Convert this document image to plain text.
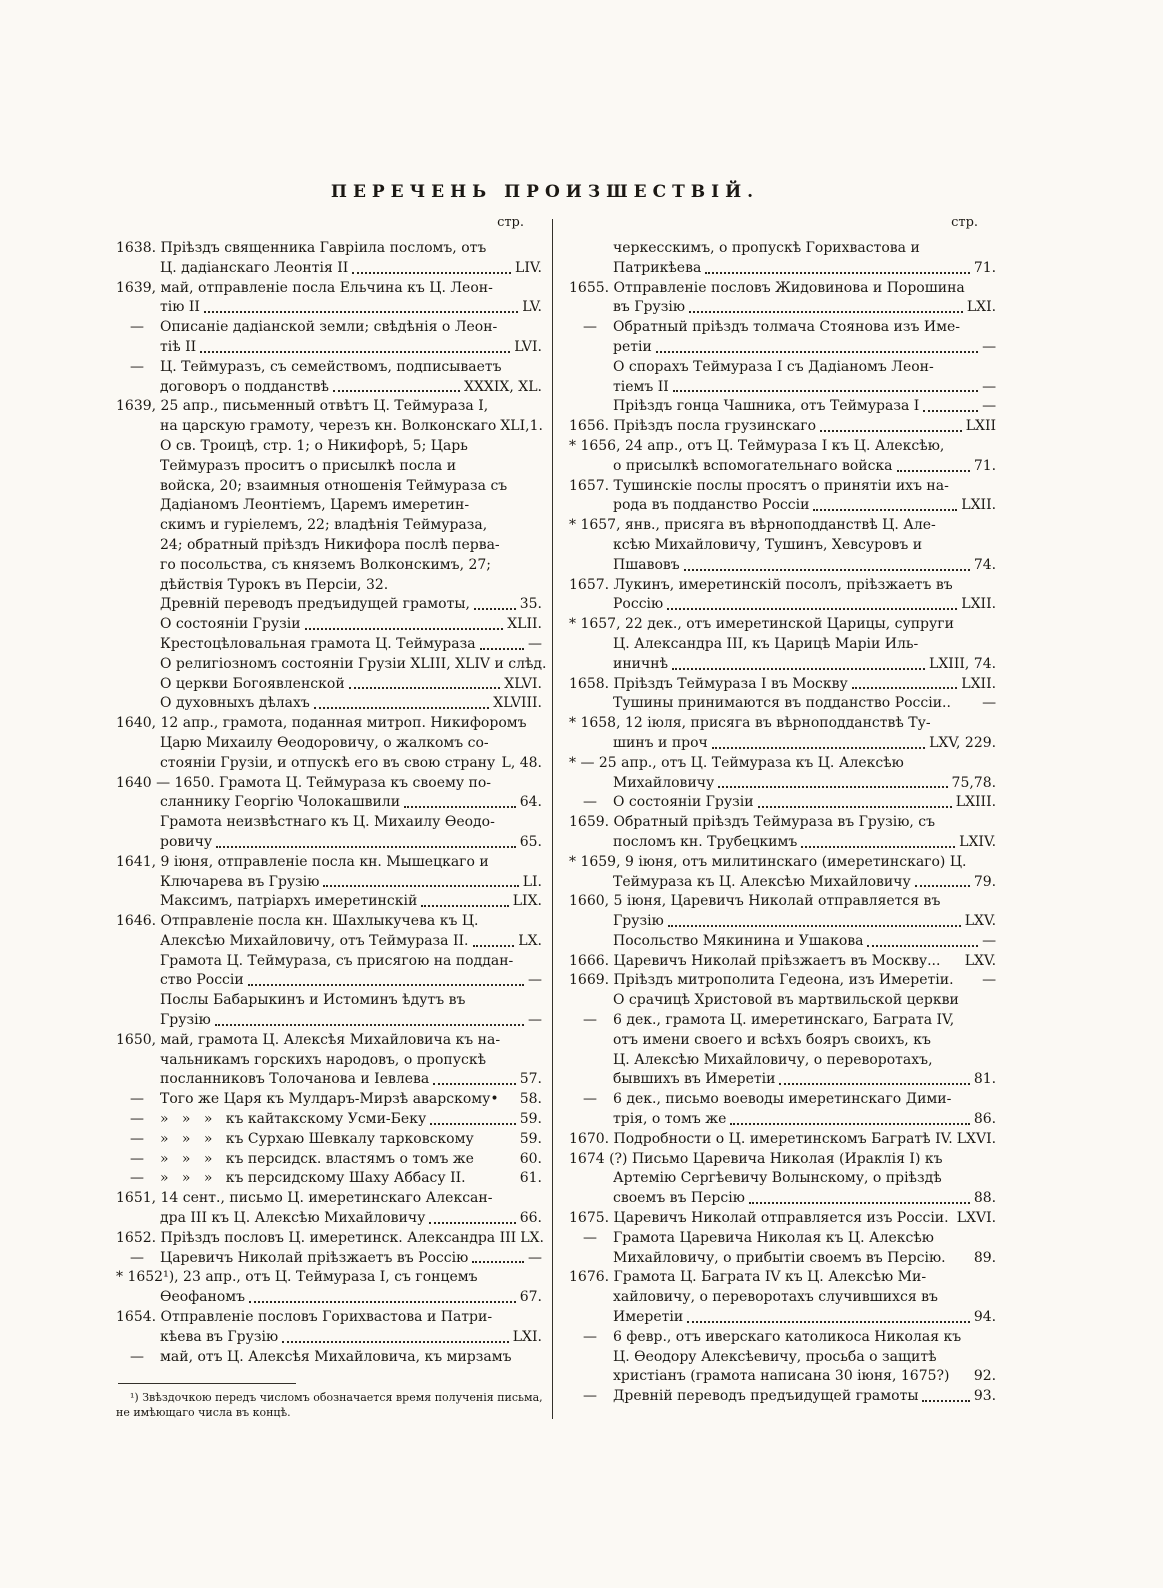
ПЕРЕЧЕНЬ ПРОИЗШЕСТВІЙ.
стр.
1638. Пріѣздъ священника Гавріила посломъ, отъ
Ц. дадіанскаго Леонтія II	LIV.
1639, май, отправленіе посла Ельчина къ Ц. Леон-
тію II	LV.
— Описаніе дадіанской земли; свѣдѣнія о Леон-
тіѣ II	LVI.
— Ц. Теймуразъ, съ семействомъ, подписываетъ
договоръ о подданствѣ	XXXIX, XL.
1639, 25 апр., письменный отвѣтъ Ц. Теймураза I,
на царскую грамоту, черезъ кн. Волконскаго XLI,1.
О св. Троицѣ, стр. 1; о Никифорѣ, 5; Царь
Теймуразъ проситъ о присылкѣ посла и
войска, 20; взаимныя отношенія Теймураза съ
Дадіаномъ Леонтіемъ, Царемъ имеретин-
скимъ и гуріелемъ, 22; владѣнія Теймураза,
24; обратный пріѣздъ Никифора послѣ перва-
го посольства, съ княземъ Волконскимъ, 27;
дѣйствія Турокъ въ Персіи, 32.
Древній переводъ предъидущей грамоты,	35.
О состояніи Грузіи	XLII.
Крестоцѣловальная грамота Ц. Теймураза	—
О религіозномъ состояніи Грузіи XLIII, XLIV и слѣд.
О церкви Богоявленской	XLVI.
О духовныхъ дѣлахъ	XLVIII.
1640, 12 апр., грамота, поданная митроп. Никифоромъ
Царю Михаилу Ѳеодоровичу, о жалкомъ со-
стояніи Грузіи, и отпускѣ его въ свою страну L, 48.
1640 — 1650. Грамота Ц. Теймураза къ своему по-
сланнику Георгію Чолокашвили	64.
Грамота неизвѣстнаго къ Ц. Михаилу Ѳеодо-
ровичу	65.
1641, 9 іюня, отправленіе посла кн. Мышецкаго и
Ключарева въ Грузію	LI.
Максимъ, патріархъ имеретинскій	LIX.
1646. Отправленіе посла кн. Шахлыкучева къ Ц.
Алексѣю Михайловичу, отъ Теймураза II.	LX.
Грамота Ц. Теймураза, съ присягою на поддан-
ство Россіи	—
Послы Бабарыкинъ и Истоминъ ѣдутъ въ
Грузію	—
1650, май, грамота Ц. Алексѣя Михайловича къ на-
чальникамъ горскихъ народовъ, о пропускѣ
посланниковъ Толочанова и Іевлева	57.
— Того же Царя къ Мулдаръ-Мирзѣ аварскому• 58.
— »   »   »   къ кайтакскому Усми-Беку	59.
— »   »   »   къ Сурхаю Шевкалу тарковскому	59.
— »   »   »   къ персидск. властямъ о томъ же	60.
— »   »   »   къ персидскому Шаху Аббасу II.	61.
1651, 14 сент., письмо Ц. имеретинскаго Алексан-
дра III къ Ц. Алексѣю Михайловичу	66.
1652. Пріѣздъ пословъ Ц. имеретинск. Александра III LX.
— Царевичъ Николай пріѣзжаетъ въ Россію	—
* 1652¹), 23 апр., отъ Ц. Теймураза I, съ гонцемъ
Ѳеофаномъ	67.
1654. Отправленіе пословъ Горихвастова и Патри-
кѣева въ Грузію	LXI.
— май, отъ Ц. Алексѣя Михайловича, къ мирзамъ
¹) Звѣздочкою передъ числомъ обозначается время полученія письма,
не имѣющаго числа въ концѣ.
стр.
черкесскимъ, о пропускѣ Горихвастова и
Патрикѣева	71.
1655. Отправленіе пословъ Жидовинова и Порошина
въ Грузію	LXI.
— Обратный пріѣздъ толмача Стоянова изъ Име-
ретіи	—
О спорахъ Теймураза I съ Дадіаномъ Леон-
тіемъ II	—
Пріѣздъ гонца Чашника, отъ Теймураза I	—
1656. Пріѣздъ посла грузинскаго	LXII
* 1656, 24 апр., отъ Ц. Теймураза I къ Ц. Алексѣю,
о присылкѣ вспомогательнаго войска	71.
1657. Тушинскіе послы просятъ о принятіи ихъ на-
рода въ подданство Россіи	LXII.
* 1657, янв., присяга въ вѣрноподданствѣ Ц. Але-
ксѣю Михайловичу, Тушинъ, Хевсуровъ и
Пшавовъ	74.
1657. Лукинъ, имеретинскій посолъ, пріѣзжаетъ въ
Россію	LXII.
* 1657, 22 дек., отъ имеретинской Царицы, супруги
Ц. Александра III, къ Царицѣ Маріи Иль-
иничнѣ	LXIII, 74.
1658. Пріѣздъ Теймураза I въ Москву	LXII.
Тушины принимаются въ подданство Россіи.. —
* 1658, 12 іюля, присяга въ вѣрноподданствѣ Ту-
шинъ и проч	LXV, 229.
* — 25 апр., отъ Ц. Теймураза къ Ц. Алексѣю
Михайловичу	75,78.
— О состояніи Грузіи	LXIII.
1659. Обратный пріѣздъ Теймураза въ Грузію, съ
посломъ кн. Трубецкимъ	LXIV.
* 1659, 9 іюня, отъ милитинскаго (имеретинскаго) Ц.
Теймураза къ Ц. Алексѣю Михайловичу	79.
1660, 5 іюня, Царевичъ Николай отправляется въ
Грузію	LXV.
Посольство Мякинина и Ушакова	—
1666. Царевичъ Николай пріѣзжаетъ въ Москву... LXV.
1669. Пріѣздъ митрополита Гедеона, изъ Имеретіи. —
О срачицѣ Христовой въ мартвильской церкви
— 6 дек., грамота Ц. имеретинскаго, Баграта IV,
отъ имени своего и всѣхъ бояръ своихъ, къ
Ц. Алексѣю Михайловичу, о переворотахъ,
бывшихъ въ Имеретіи	81.
— 6 дек., письмо воеводы имеретинскаго Дими-
трія, о томъ же	86.
1670. Подробности о Ц. имеретинскомъ Багратѣ IV. LXVI.
1674 (?) Письмо Царевича Николая (Ираклія I) къ
Артемію Сергѣевичу Волынскому, о пріѣздѣ
своемъ въ Персію	88.
1675. Царевичъ Николай отправляется изъ Россіи. LXVI.
— Грамота Царевича Николая къ Ц. Алексѣю
Михайловичу, о прибытіи своемъ въ Персію. 89.
1676. Грамота Ц. Баграта IV къ Ц. Алексѣю Ми-
хайловичу, о переворотахъ случившихся въ
Имеретіи	94.
— 6 февр., отъ иверскаго католикоса Николая къ
Ц. Ѳеодору Алексѣевичу, просьба о защитѣ
христіанъ (грамота написана 30 іюня, 1675?) 92.
— Древній переводъ предъидущей грамоты	93.
